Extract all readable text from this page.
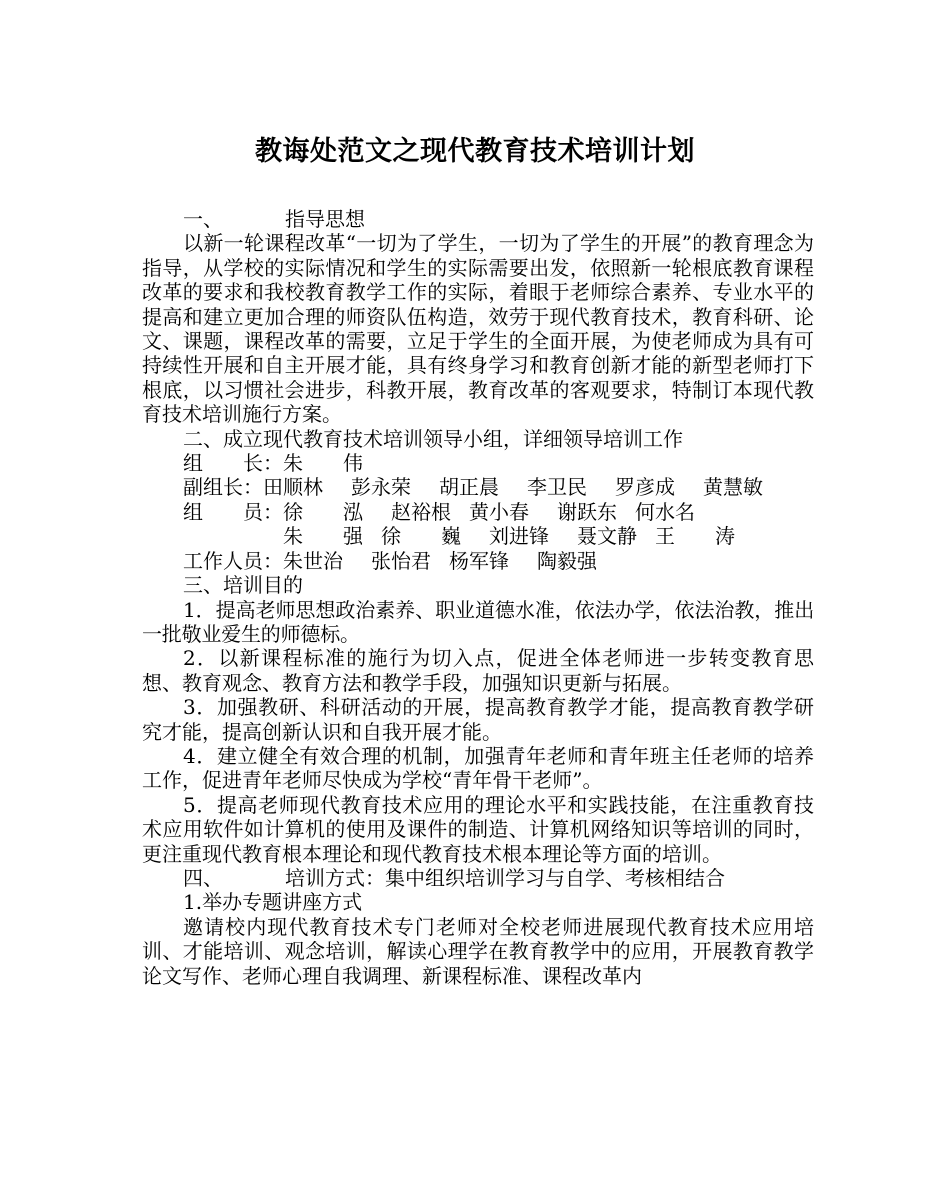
教诲处范文之现代教育技术培训计划

一、	指导思想

以新一轮课程改革“一切为了学生，一切为了学生的开展”的教育理念为指导，从学校的实际情况和学生的实际需要出发，依照新一轮根底教育课程改革的要求和我校教育教学工作的实际，着眼于老师综合素养、专业水平的提高和建立更加合理的师资队伍构造，效劳于现代教育技术，教育科研、论文、课题，课程改革的需要，立足于学生的全面开展，为使老师成为具有可持续性开展和自主开展才能，具有终身学习和教育创新才能的新型老师打下根底，以习惯社会进步，科教开展，教育改革的客观要求，特制订本现代教育技术培训施行方案。

二、成立现代教育技术培训领导小组，详细领导培训工作

组　　长：朱　　伟

副组长：田顺林 彭永荣 胡正晨 李卫民 罗彦成 黄慧敏

组　　员：徐　　泓 赵裕根 黄小春 谢跃东 何水名

朱　　强 徐　　巍 刘进锋 聂文静 王　　涛

工作人员：朱世治 张怡君 杨军锋 陶毅强

三、培训目的

1．提高老师思想政治素养、职业道德水准，依法办学，依法治教，推出一批敬业爱生的师德标。

2．以新课程标准的施行为切入点，促进全体老师进一步转变教育思想、教育观念、教育方法和教学手段，加强知识更新与拓展。

3．加强教研、科研活动的开展，提高教育教学才能，提高教育教学研究才能，提高创新认识和自我开展才能。

4．建立健全有效合理的机制，加强青年老师和青年班主任老师的培养工作，促进青年老师尽快成为学校“青年骨干老师”。

5．提高老师现代教育技术应用的理论水平和实践技能，在注重教育技术应用软件如计算机的使用及课件的制造、计算机网络知识等培训的同时，更注重现代教育根本理论和现代教育技术根本理论等方面的培训。

四、	培训方式：集中组织培训学习与自学、考核相结合

1.举办专题讲座方式

邀请校内现代教育技术专门老师对全校老师进展现代教育技术应用培训、才能培训、观念培训，解读心理学在教育教学中的应用，开展教育教学论文写作、老师心理自我调理、新课程标准、课程改革内
